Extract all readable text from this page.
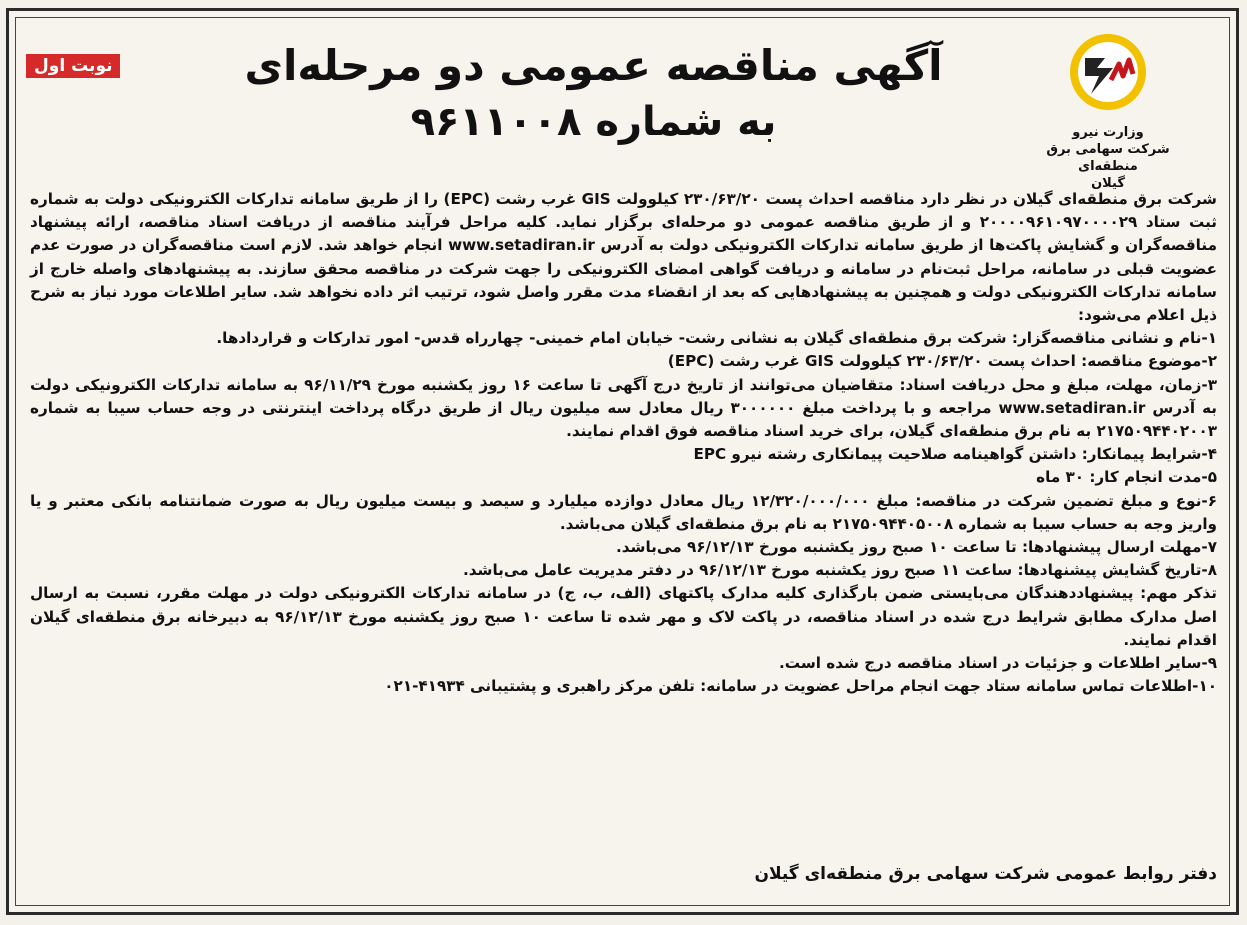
نوبت اول	آگهی مناقصه عمومی دو مرحله‌ای
به شماره ۹۶۱۱۰۰۸	وزارت نیرو
شرکت سهامی برق منطقه‌ای
گیلان

شرکت برق منطقه‌ای گیلان در نظر دارد مناقصه احداث پست ۲۳۰/۶۳/۲۰ کیلوولت GIS غرب رشت (EPC) را از طریق سامانه تدارکات الکترونیکی دولت به شماره ثبت ستاد ۲۰۰۰۰۹۶۱۰۹۷۰۰۰۰۲۹ و از طریق مناقصه عمومی دو مرحله‌ای برگزار نماید. کلیه مراحل فرآیند مناقصه از دریافت اسناد مناقصه، ارائه پیشنهاد مناقصه‌گران و گشایش پاکت‌ها از طریق سامانه تدارکات الکترونیکی دولت به آدرس www.setadiran.ir انجام خواهد شد. لازم است مناقصه‌گران در صورت عدم عضویت قبلی در سامانه، مراحل ثبت‌نام در سامانه و دریافت گواهی امضای الکترونیکی را جهت شرکت در مناقصه محقق سازند. به پیشنهادهای واصله خارج از سامانه تدارکات الکترونیکی دولت و همچنین به پیشنهادهایی که بعد از انقضاء مدت مقرر واصل شود، ترتیب اثر داده نخواهد شد. سایر اطلاعات مورد نیاز به شرح ذیل اعلام می‌شود:

۱-نام و نشانی مناقصه‌گزار: شرکت برق منطقه‌ای گیلان به نشانی رشت- خیابان امام خمینی- چهارراه قدس- امور تدارکات و قراردادها.

۲-موضوع مناقصه: احداث پست ۲۳۰/۶۳/۲۰ کیلوولت GIS غرب رشت (EPC)

۳-زمان، مهلت، مبلغ و محل دریافت اسناد: متقاضیان می‌توانند از تاریخ درج آگهی تا ساعت ۱۶ روز یکشنبه مورخ ۹۶/۱۱/۲۹ به سامانه تدارکات الکترونیکی دولت به آدرس www.setadiran.ir مراجعه و با پرداخت مبلغ ۳۰۰۰۰۰۰ ریال معادل سه میلیون ریال از طریق درگاه پرداخت اینترنتی در وجه حساب سیبا به شماره ۲۱۷۵۰۹۴۴۰۲۰۰۳ به نام برق منطقه‌ای گیلان، برای خرید اسناد مناقصه فوق اقدام نمایند.

۴-شرایط پیمانکار: داشتن گواهینامه صلاحیت پیمانکاری رشته نیرو EPC

۵-مدت انجام کار: ۳۰ ماه

۶-نوع و مبلغ تضمین شرکت در مناقصه: مبلغ ۱۲/۳۲۰/۰۰۰/۰۰۰ ریال معادل دوازده میلیارد و سیصد و بیست میلیون ریال به صورت ضمانتنامه بانکی معتبر و یا واریز وجه به حساب سیبا به شماره ۲۱۷۵۰۹۴۴۰۵۰۰۸ به نام برق منطقه‌ای گیلان می‌باشد.

۷-مهلت ارسال پیشنهادها: تا ساعت ۱۰ صبح روز یکشنبه مورخ ۹۶/۱۲/۱۳ می‌باشد.

۸-تاریخ گشایش پیشنهادها: ساعت ۱۱ صبح روز یکشنبه مورخ ۹۶/۱۲/۱۳ در دفتر مدیریت عامل می‌باشد.

تذکر مهم: پیشنهاددهندگان می‌بایستی ضمن بارگذاری کلیه مدارک پاکتهای (الف، ب، ج) در سامانه تدارکات الکترونیکی دولت در مهلت مقرر، نسبت به ارسال اصل مدارک مطابق شرایط درج شده در اسناد مناقصه، در پاکت لاک و مهر شده تا ساعت ۱۰ صبح روز یکشنبه مورخ ۹۶/۱۲/۱۳ به دبیرخانه برق منطقه‌ای گیلان اقدام نمایند.

۹-سایر اطلاعات و جزئیات در اسناد مناقصه درج شده است.

۱۰-اطلاعات تماس سامانه ستاد جهت انجام مراحل عضویت در سامانه: تلفن مرکز راهبری و پشتیبانی ۴۱۹۳۴-۰۲۱

دفتر روابط عمومی شرکت سهامی برق منطقه‌ای گیلان
